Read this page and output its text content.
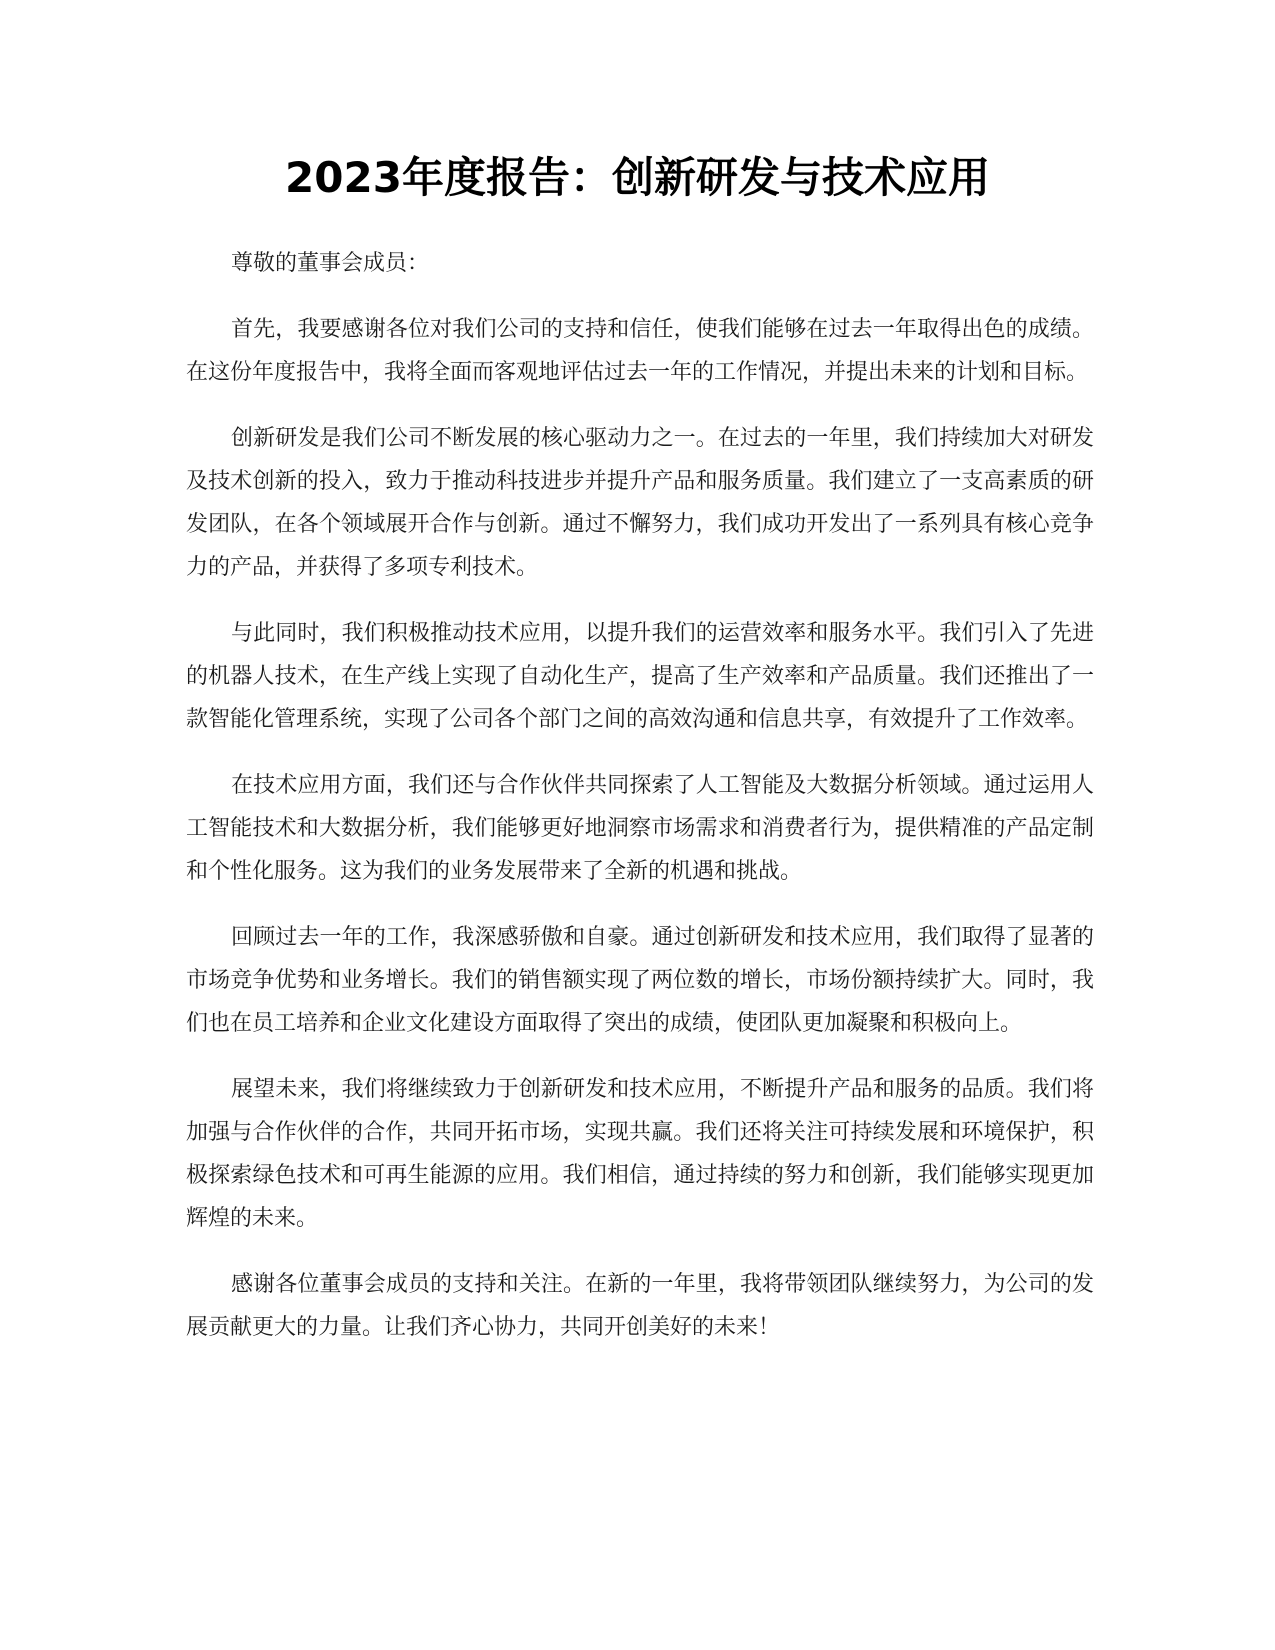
2023年度报告：创新研发与技术应用

尊敬的董事会成员：

首先，我要感谢各位对我们公司的支持和信任，使我们能够在过去一年取得出色的成绩。在这份年度报告中，我将全面而客观地评估过去一年的工作情况，并提出未来的计划和目标。

创新研发是我们公司不断发展的核心驱动力之一。在过去的一年里，我们持续加大对研发及技术创新的投入，致力于推动科技进步并提升产品和服务质量。我们建立了一支高素质的研发团队，在各个领域展开合作与创新。通过不懈努力，我们成功开发出了一系列具有核心竞争力的产品，并获得了多项专利技术。

与此同时，我们积极推动技术应用，以提升我们的运营效率和服务水平。我们引入了先进的机器人技术，在生产线上实现了自动化生产，提高了生产效率和产品质量。我们还推出了一款智能化管理系统，实现了公司各个部门之间的高效沟通和信息共享，有效提升了工作效率。

在技术应用方面，我们还与合作伙伴共同探索了人工智能及大数据分析领域。通过运用人工智能技术和大数据分析，我们能够更好地洞察市场需求和消费者行为，提供精准的产品定制和个性化服务。这为我们的业务发展带来了全新的机遇和挑战。

回顾过去一年的工作，我深感骄傲和自豪。通过创新研发和技术应用，我们取得了显著的市场竞争优势和业务增长。我们的销售额实现了两位数的增长，市场份额持续扩大。同时，我们也在员工培养和企业文化建设方面取得了突出的成绩，使团队更加凝聚和积极向上。

展望未来，我们将继续致力于创新研发和技术应用，不断提升产品和服务的品质。我们将加强与合作伙伴的合作，共同开拓市场，实现共赢。我们还将关注可持续发展和环境保护，积极探索绿色技术和可再生能源的应用。我们相信，通过持续的努力和创新，我们能够实现更加辉煌的未来。

感谢各位董事会成员的支持和关注。在新的一年里，我将带领团队继续努力，为公司的发展贡献更大的力量。让我们齐心协力，共同开创美好的未来！
